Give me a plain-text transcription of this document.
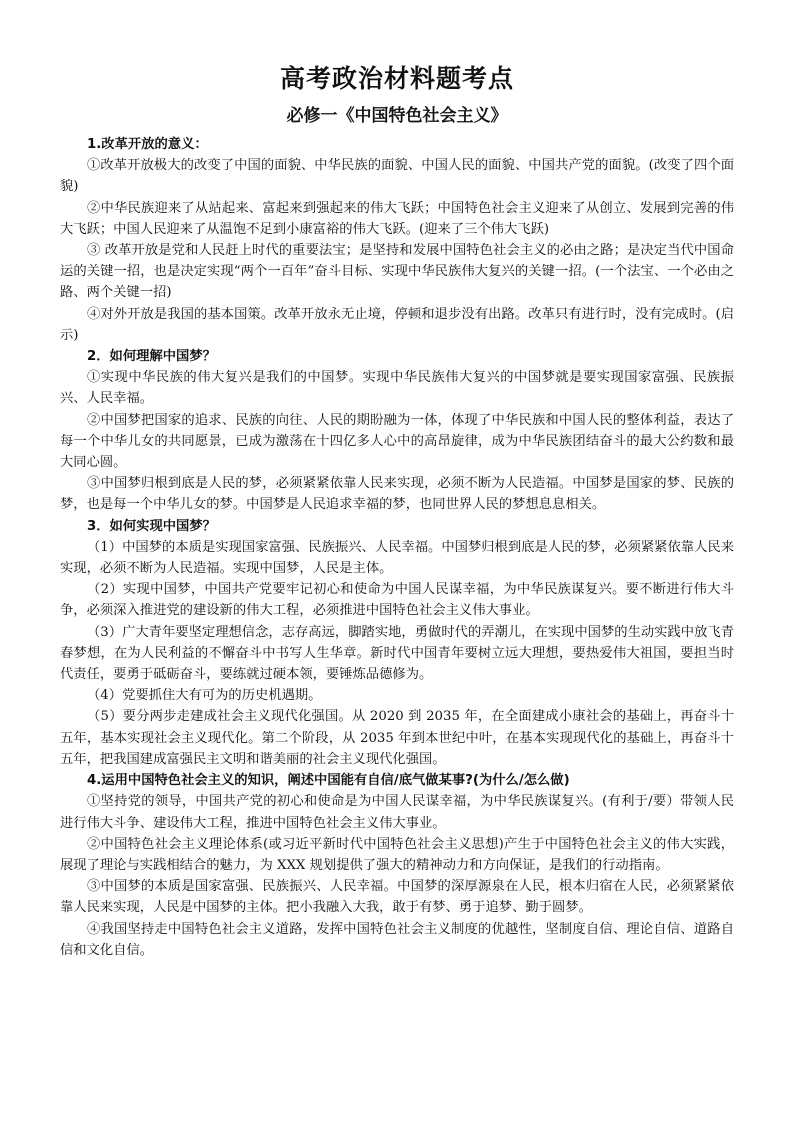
高考政治材料题考点
必修一《中国特色社会主义》

1.改革开放的意义：

①改革开放极大的改变了中国的面貌、中华民族的面貌、中国人民的面貌、中国共产党的面貌。(改变了四个面貌)

②中华民族迎来了从站起来、富起来到强起来的伟大飞跃；中国特色社会主义迎来了从创立、发展到完善的伟大飞跃；中国人民迎来了从温饱不足到小康富裕的伟大飞跃。(迎来了三个伟大飞跃)

③ 改革开放是党和人民赶上时代的重要法宝；是坚持和发展中国特色社会主义的必由之路；是决定当代中国命运的关键一招，也是决定实现“两个一百年”奋斗目标、实现中华民族伟大复兴的关键一招。(一个法宝、一个必由之路、两个关键一招)

④对外开放是我国的基本国策。改革开放永无止境，停顿和退步没有出路。改革只有进行时，没有完成时。(启示)

2．如何理解中国梦？

①实现中华民族的伟大复兴是我们的中国梦。实现中华民族伟大复兴的中国梦就是要实现国家富强、民族振兴、人民幸福。

②中国梦把国家的追求、民族的向往、人民的期盼融为一体，体现了中华民族和中国人民的整体利益，表达了每一个中华儿女的共同愿景，已成为激荡在十四亿多人心中的高昂旋律，成为中华民族团结奋斗的最大公约数和最大同心圆。

③中国梦归根到底是人民的梦，必须紧紧依靠人民来实现，必须不断为人民造福。中国梦是国家的梦、民族的梦，也是每一个中华儿女的梦。中国梦是人民追求幸福的梦，也同世界人民的梦想息息相关。

3．如何实现中国梦？

（1）中国梦的本质是实现国家富强、民族振兴、人民幸福。中国梦归根到底是人民的梦，必须紧紧依靠人民来实现，必须不断为人民造福。实现中国梦，人民是主体。

（2）实现中国梦，中国共产党要牢记初心和使命为中国人民谋幸福，为中华民族谋复兴。要不断进行伟大斗争，必须深入推进党的建设新的伟大工程，必须推进中国特色社会主义伟大事业。

（3）广大青年要坚定理想信念，志存高远，脚踏实地，勇做时代的弄潮儿，在实现中国梦的生动实践中放飞青春梦想，在为人民利益的不懈奋斗中书写人生华章。新时代中国青年要树立远大理想，要热爱伟大祖国，要担当时代责任，要勇于砥砺奋斗，要练就过硬本领，要锤炼品德修为。

（4）党要抓住大有可为的历史机遇期。

（5）要分两步走建成社会主义现代化强国。从 2020 到 2035 年，在全面建成小康社会的基础上，再奋斗十五年，基本实现社会主义现代化。第二个阶段，从 2035 年到本世纪中叶，在基本实现现代化的基础上，再奋斗十五年，把我国建成富强民主文明和谐美丽的社会主义现代化强国。

4.运用中国特色社会主义的知识，阐述中国能有自信/底气做某事?(为什么/怎么做)

①坚持党的领导，中国共产党的初心和使命是为中国人民谋幸福，为中华民族谋复兴。(有利于/要）带领人民进行伟大斗争、建设伟大工程，推进中国特色社会主义伟大事业。

②中国特色社会主义理论体系(或习近平新时代中国特色社会主义思想)产生于中国特色社会主义的伟大实践，展现了理论与实践相结合的魅力，为 XXX 规划提供了强大的精神动力和方向保证，是我们的行动指南。

③中国梦的本质是国家富强、民族振兴、人民幸福。中国梦的深厚源泉在人民，根本归宿在人民，必须紧紧依靠人民来实现，人民是中国梦的主体。把小我融入大我，敢于有梦、勇于追梦、勤于圆梦。

④我国坚持走中国特色社会主义道路，发挥中国特色社会主义制度的优越性，坚制度自信、理论自信、道路自信和文化自信。
